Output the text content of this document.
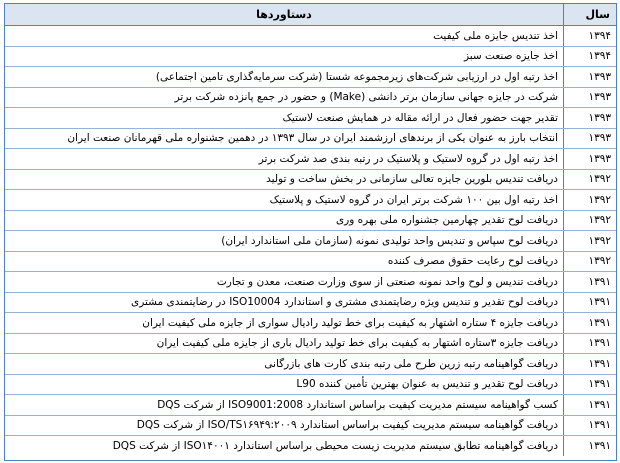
سال	دستاوردها
۱۳۹۴	اخذ تندیس جایزه ملی کیفیت
۱۳۹۴	اخذ جایزه صنعت سبز
۱۳۹۳	اخذ رتبه اول در ارزیابی شرکت‌های زیرمجموعه شستا (شرکت سرمایه‌گذاری تامین اجتماعی)
۱۳۹۳	شرکت در جایزه جهانی سازمان برتر دانشی (Make) و حضور در جمع پانزده شرکت برتر
۱۳۹۳	تقدیر جهت حضور فعال در ارائه مقاله در همایش صنعت لاستیک
۱۳۹۳	انتخاب بارز به عنوان یکی از برندهای ارزشمند ایران در سال ۱۳۹۳ در دهمین جشنواره ملی قهرمانان صنعت ایران
۱۳۹۳	اخذ رتبه اول در گروه لاستیک و پلاستیک در رتبه بندی صد شرکت برتر
۱۳۹۲	دریافت تندیس بلورین جایزه تعالی سازمانی در بخش ساخت و تولید
۱۳۹۲	اخذ رتبه اول بین ۱۰۰ شرکت برتر ایران در گروه لاستیک و پلاستیک
۱۳۹۲	دریافت لوح تقدیر چهارمین جشنواره ملی بهره وری
۱۳۹۲	دریافت لوح سپاس و تندیس واحد تولیدی نمونه (سازمان ملی استاندارد ایران)
۱۳۹۲	دریافت لوح رعایت حقوق مصرف کننده
۱۳۹۱	دریافت تندیس و لوح واحد نمونه صنعتی از سوی وزارت صنعت، معدن و تجارت
۱۳۹۱	دریافت لوح تقدیر و تندیس ویژه رضایتمندی مشتری و استاندارد ISO10004 در رضایتمندی مشتری
۱۳۹۱	دریافت جایزه ۴ ستاره اشتهار به کیفیت برای خط تولید رادیال سواری از جایزه ملی کیفیت ایران
۱۳۹۱	دریافت جایزه ۳ستاره اشتهار به کیفیت برای خط تولید رادیال باری از جایزه ملی کیفیت ایران
۱۳۹۱	دریافت گواهینامه رتبه زرین طرح ملی رتبه بندی کارت های بازرگانی
۱۳۹۱	دریافت لوح تقدیر و تندیس به عنوان بهترین تأمین کننده L90
۱۳۹۱	کسب گواهینامه سیستم مدیریت کیفیت براساس استاندارد ISO9001:2008 از شرکت DQS
۱۳۹۱	دریافت گواهینامه سیستم مدیریت کیفیت براساس استاندارد ISO/TS۱۶۹۴۹:۲۰۰۹ از شرکت DQS
۱۳۹۱	دریافت گواهینامه تطابق سیستم مدیریت زیست محیطی براساس استاندارد ISO۱۴۰۰۱ از شرکت DQS
